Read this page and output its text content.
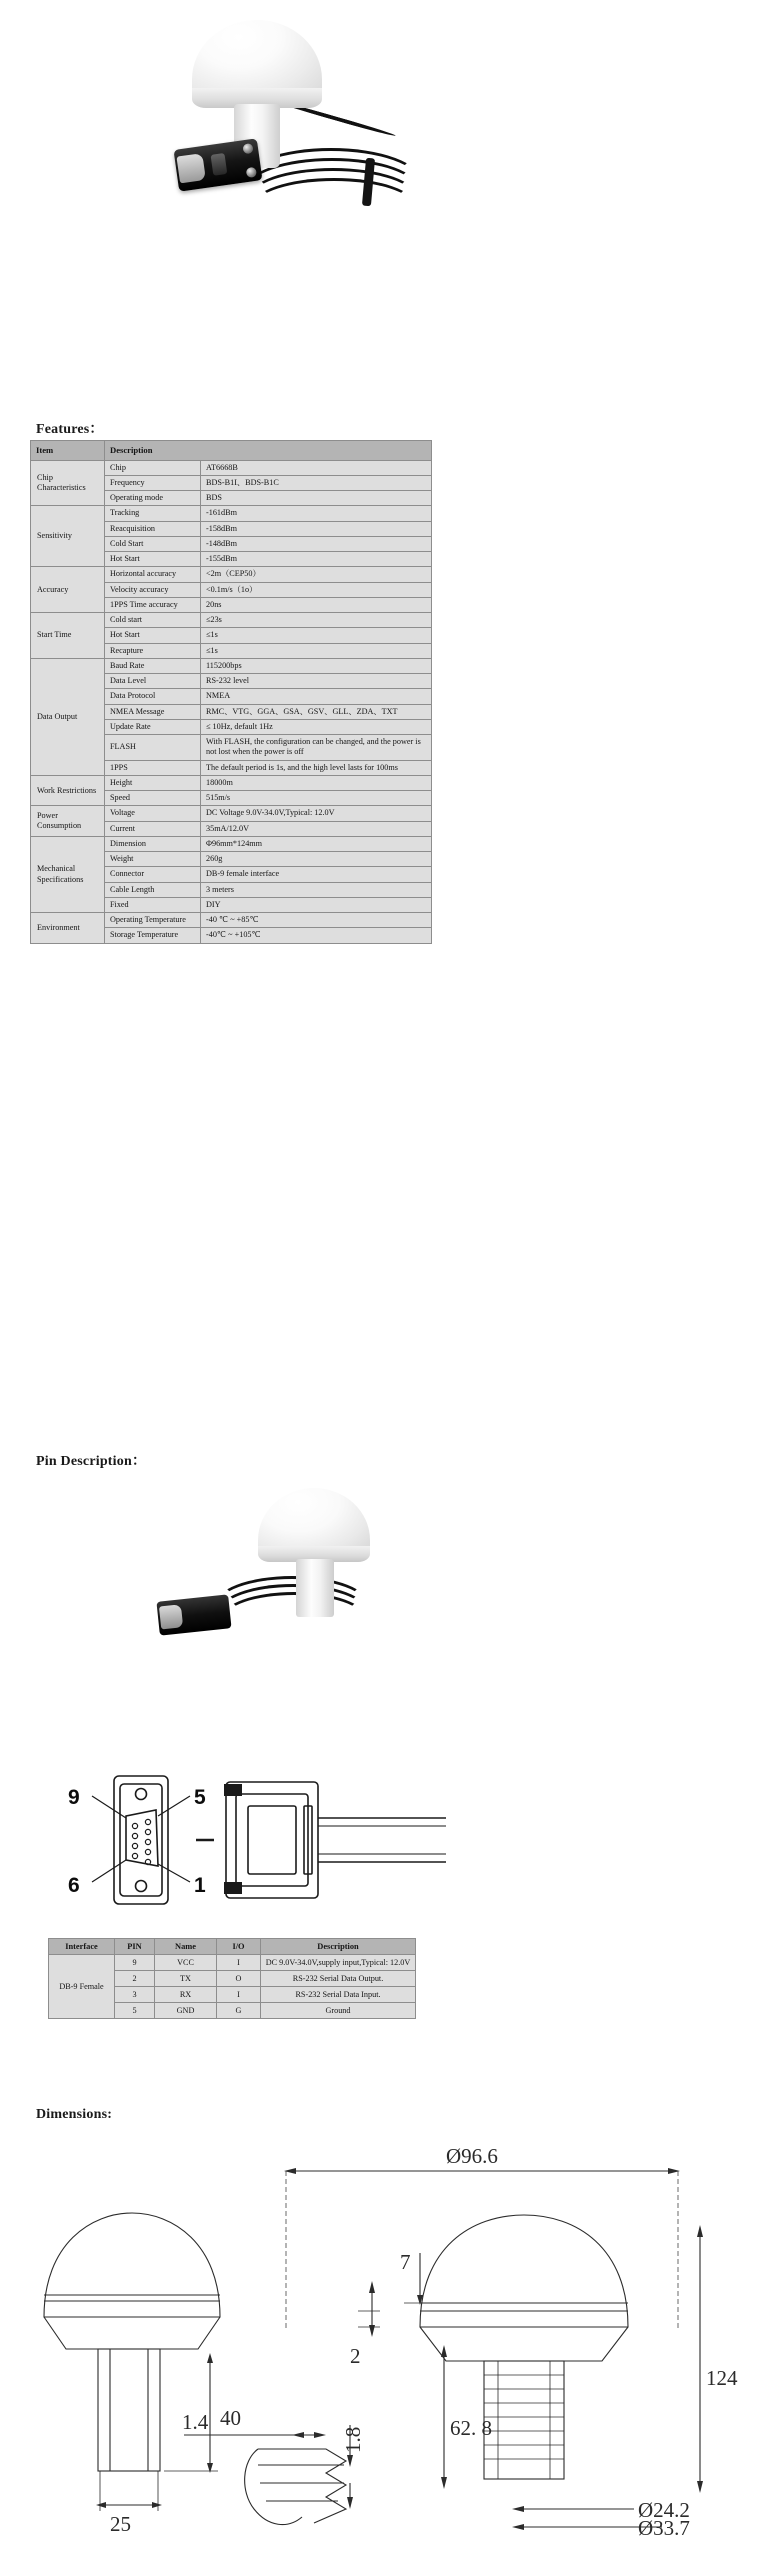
Features：
Item	Description	
Chip Characteristics	Chip	AT6668B
	Frequency	BDS-B1I、BDS-B1C
	Operating mode	BDS
Sensitivity	Tracking	-161dBm
	Reacquisition	-158dBm
	Cold Start	-148dBm
	Hot Start	-155dBm
Accuracy	Horizontal accuracy	<2m（CEP50）
	Velocity accuracy	<0.1m/s（1ο）
	1PPS Time accuracy	20ns
Start Time	Cold start	≤23s
	Hot Start	≤1s
	Recapture	≤1s
Data Output	Baud Rate	115200bps
	Data Level	RS-232 level
	Data Protocol	NMEA
	NMEA Message	RMC、VTG、GGA、GSA、GSV、GLL、ZDA、TXT
	Update Rate	≤ 10Hz, default 1Hz
	FLASH	With FLASH, the configuration can be changed, and the power is not lost when the power is off
	1PPS	The default period is 1s, and the high level lasts for 100ms
Work Restrictions	Height	18000m
	Speed	515m/s
Power Consumption	Voltage	DC Voltage 9.0V-34.0V,Typical: 12.0V
	Current	35mA/12.0V
Mechanical Specifications	Dimension	Φ96mm*124mm
	Weight	260g
	Connector	DB-9 female interface
	Cable Length	3 meters
	Fixed	DIY
Environment	Operating Temperature	-40 ℃ ~ +85℃
	Storage Temperature	-40℃ ~ +105℃
Pin Description：
9
6
5
1
Interface	PIN	Name	I/O	Description
DB-9 Female	9	VCC	I	DC 9.0V-34.0V,supply input,Typical: 12.0V
	2	TX	O	RS-232 Serial Data Output.
	3	RX	I	RS-232 Serial Data Input.
	5	GND	G	Ground
Dimensions:
40
25
Ø96.6
7
2
62. 8
124
1.4
1.8
Ø24.2
Ø33.7
